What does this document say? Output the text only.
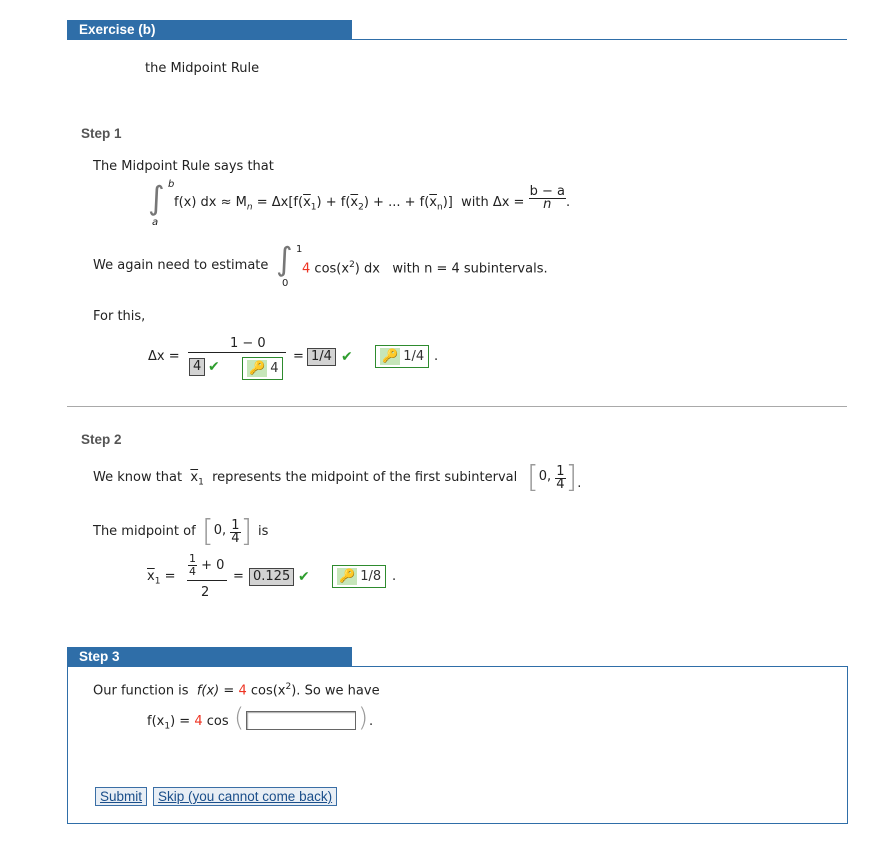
Exercise (b)
the Midpoint Rule
Step 1
The Midpoint Rule says that
∫ b
a
f(x) dx ≈ $M_n = \Delta x[f(\overline{x}_1) + f(\overline{x}_2)$ + ... + $f(\overline{x}_n)$] with $\Delta x = \frac{b - a}{n}$ .
We again need to estimate ∫ 1
0
4 $\cos(x^2)$ dx with n = 4 subintervals.
For this,
Δx =
1 − 0
4 ✔ 🔑 4
= 1/4 ✔ 🔑 1/4 .
Step 2
We know that $\overline{x}_1$ represents the midpoint of the first subinterval [0, $\frac{1}{4}$ ].
The midpoint of [0, $\frac{1}{4}$ ] is
$\overline{x}_1 = \frac{1}{4} + 0$
2
= 0.125 ✔ 🔑 1/8 .
Step 3
Our function is f(x) = 4 $\cos(x^2)$. So we have
$f(x_1) = 4$ cos (	) .
Submit	Skip (you cannot come back)
